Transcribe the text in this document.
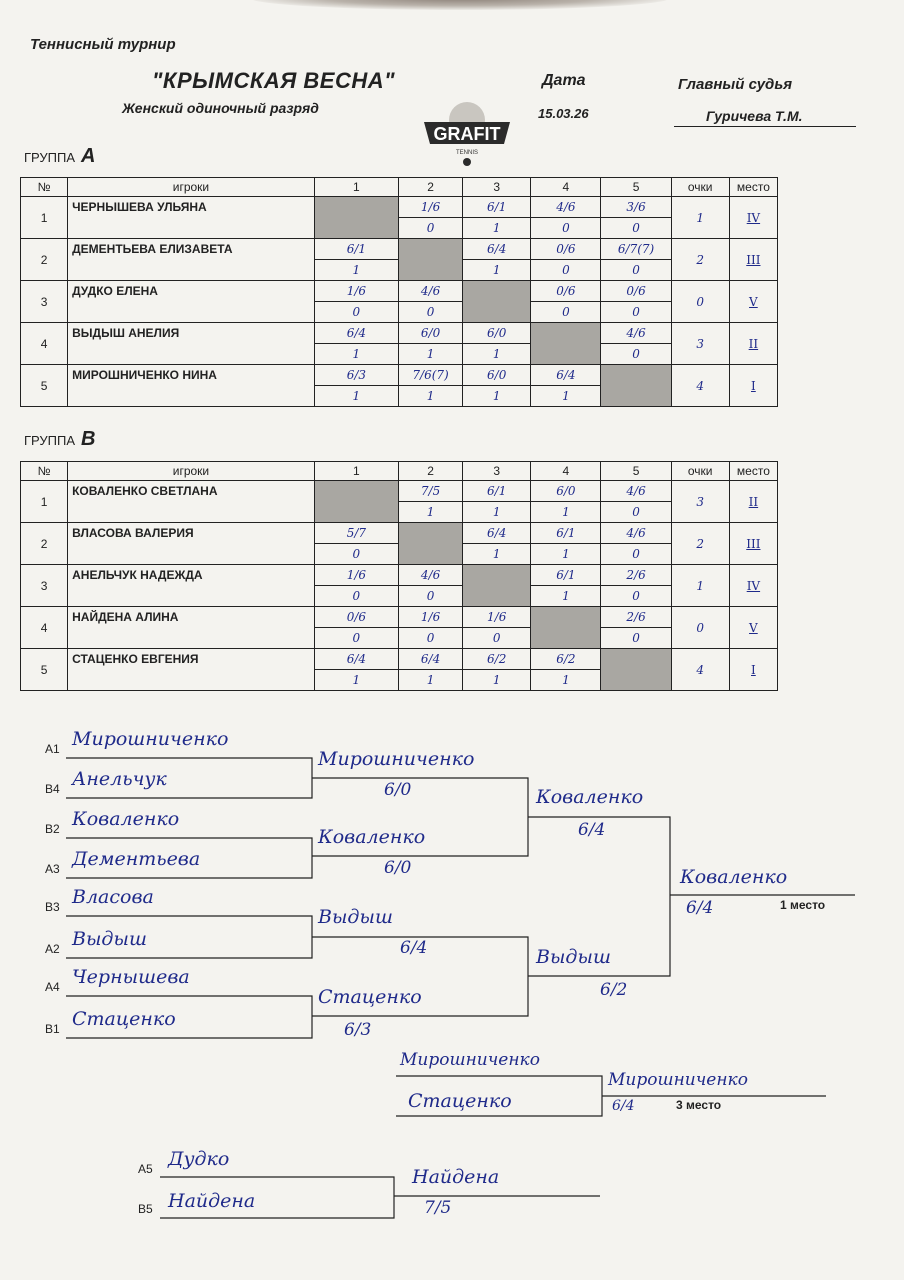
Теннисный турнир
"КРЫМСКАЯ ВЕСНА"
Женский одиночный разряд
Дата
15.03.26
Главный судья
Гуричева Т.М.
GRAFIT
TENNIS
ГРУППА А
№	игроки	1	2	3	4	5	очки	место
1	ЧЕРНЫШЕВА УЛЬЯНА		1/6	6/1	4/6	3/6	1	IV
			0	1	0	0		
2	ДЕМЕНТЬЕВА ЕЛИЗАВЕТА	6/1		6/4	0/6	6/7(7)	2	III
		1		1	0	0		
3	ДУДКО ЕЛЕНА	1/6	4/6		0/6	0/6	0	V
		0	0		0	0		
4	ВЫДЫШ АНЕЛИЯ	6/4	6/0	6/0		4/6	3	II
		1	1	1		0		
5	МИРОШНИЧЕНКО НИНА	6/3	7/6(7)	6/0	6/4		4	I
		1	1	1	1			
ГРУППА В
№	игроки	1	2	3	4	5	очки	место
1	КОВАЛЕНКО СВЕТЛАНА		7/5	6/1	6/0	4/6	3	II
			1	1	1	0		
2	ВЛАСОВА ВАЛЕРИЯ	5/7		6/4	6/1	4/6	2	III
		0		1	1	0		
3	АНЕЛЬЧУК НАДЕЖДА	1/6	4/6		6/1	2/6	1	IV
		0	0		1	0		
4	НАЙДЕНА АЛИНА	0/6	1/6	1/6		2/6	0	V
		0	0	0		0		
5	СТАЦЕНКО ЕВГЕНИЯ	6/4	6/4	6/2	6/2		4	I
		1	1	1	1			
A1 Мирошниченко
B4 Анельчук
B2 Коваленко
A3 Дементьева
B3 Власова
A2 Выдыш
A4 Чернышева
B1 Стаценко
Мирошниченко
6/0
Коваленко
6/0
Выдыш
6/4
Стаценко
6/3
Коваленко
6/4
Выдыш
6/2
Коваленко
6/4	1 место
Мирошниченко
Стаценко
Мирошниченко
6/4	3 место
A5 Дудко
B5 Найдена
Найдена
7/5
